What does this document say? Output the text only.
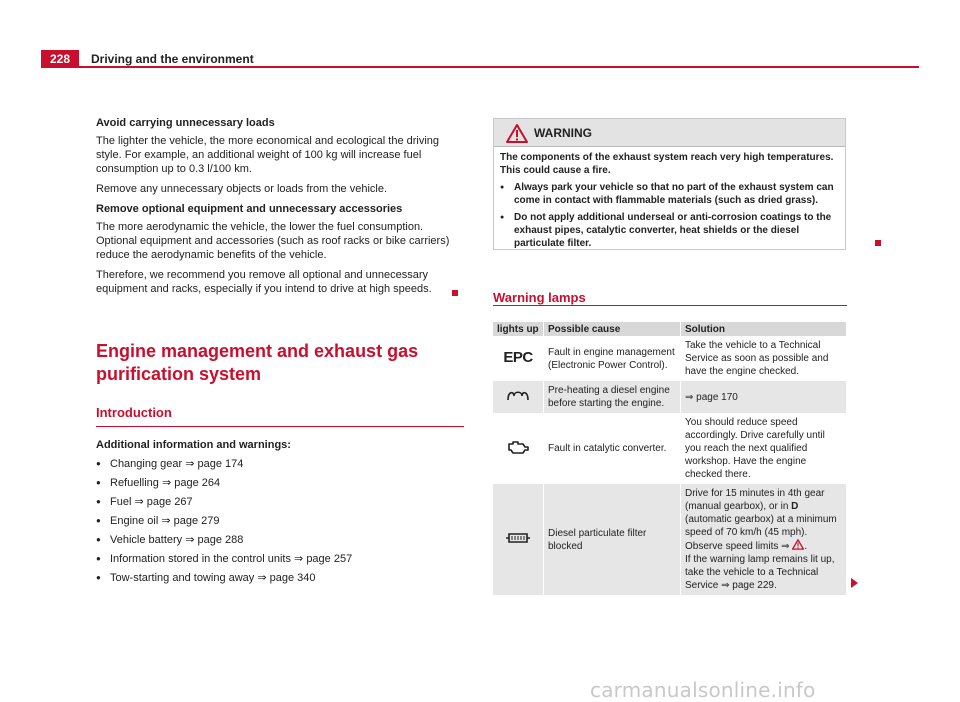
228	Driving and the environment

Avoid carrying unnecessary loads

The lighter the vehicle, the more economical and ecological the driving style. For example, an additional weight of 100 kg will increase fuel consumption up to 0.3 l/100 km.

Remove any unnecessary objects or loads from the vehicle.

Remove optional equipment and unnecessary accessories

The more aerodynamic the vehicle, the lower the fuel consumption. Optional equipment and accessories (such as roof racks or bike carriers) reduce the aerodynamic benefits of the vehicle.

Therefore, we recommend you remove all optional and unnecessary equipment and racks, especially if you intend to drive at high speeds.

Engine management and exhaust gas purification system
Introduction
Additional information and warnings:
● Changing gear ⇒ page 174
● Refuelling ⇒ page 264
● Fuel ⇒ page 267
● Engine oil ⇒ page 279
● Vehicle battery ⇒ page 288
● Information stored in the control units ⇒ page 257
● Tow-starting and towing away ⇒ page 340
WARNING

The components of the exhaust system reach very high temperatures. This could cause a fire.

● Always park your vehicle so that no part of the exhaust system can come in contact with flammable materials (such as dried grass).

● Do not apply additional underseal or anti-corrosion coatings to the exhaust pipes, catalytic converter, heat shields or the diesel particulate filter.

Warning lamps
lights up	Possible cause	Solution
EPC	Fault in engine management (Electronic Power Control).	Take the vehicle to a Technical Service as soon as possible and have the engine checked.
	Pre-heating a diesel engine before starting the engine.	⇒ page 170
	Fault in catalytic converter.	You should reduce speed accordingly. Drive carefully until you reach the next qualified workshop. Have the engine checked there.
	Diesel particulate filter blocked	Drive for 15 minutes in 4th gear (manual gearbox), or in D (automatic gearbox) at a minimum speed of 70 km/h (45 mph). Observe speed limits ⇒ .
If the warning lamp remains lit up, take the vehicle to a Technical Service ⇒ page 229.
carmanualsonline.info
